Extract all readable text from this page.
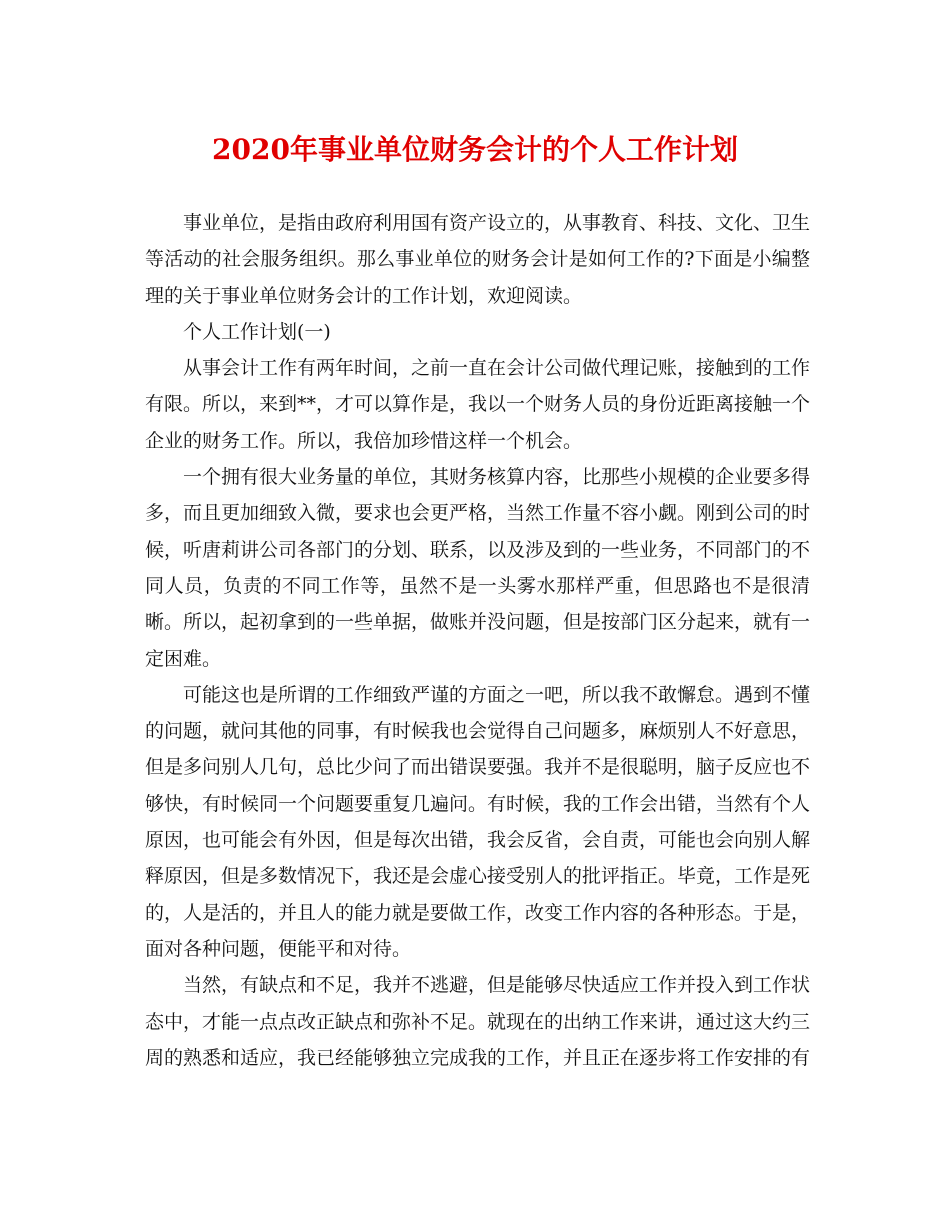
2020年事业单位财务会计的个人工作计划

事业单位，是指由政府利用国有资产设立的，从事教育、科技、文化、卫生等活动的社会服务组织。那么事业单位的财务会计是如何工作的?下面是小编整理的关于事业单位财务会计的工作计划，欢迎阅读。

个人工作计划(一)

从事会计工作有两年时间，之前一直在会计公司做代理记账，接触到的工作有限。所以，来到**，才可以算作是，我以一个财务人员的身份近距离接触一个企业的财务工作。所以，我倍加珍惜这样一个机会。

一个拥有很大业务量的单位，其财务核算内容，比那些小规模的企业要多得多，而且更加细致入微，要求也会更严格，当然工作量不容小觑。刚到公司的时候，听唐莉讲公司各部门的分划、联系，以及涉及到的一些业务，不同部门的不同人员，负责的不同工作等，虽然不是一头雾水那样严重，但思路也不是很清晰。所以，起初拿到的一些单据，做账并没问题，但是按部门区分起来，就有一定困难。

可能这也是所谓的工作细致严谨的方面之一吧，所以我不敢懈怠。遇到不懂的问题，就问其他的同事，有时候我也会觉得自己问题多，麻烦别人不好意思，但是多问别人几句，总比少问了而出错误要强。我并不是很聪明，脑子反应也不够快，有时候同一个问题要重复几遍问。有时候，我的工作会出错，当然有个人原因，也可能会有外因，但是每次出错，我会反省，会自责，可能也会向别人解释原因，但是多数情况下，我还是会虚心接受别人的批评指正。毕竟，工作是死的，人是活的，并且人的能力就是要做工作，改变工作内容的各种形态。于是，面对各种问题，便能平和对待。

当然，有缺点和不足，我并不逃避，但是能够尽快适应工作并投入到工作状态中，才能一点点改正缺点和弥补不足。就现在的出纳工作来讲，通过这大约三周的熟悉和适应，我已经能够独立完成我的工作，并且正在逐步将工作安排的有
